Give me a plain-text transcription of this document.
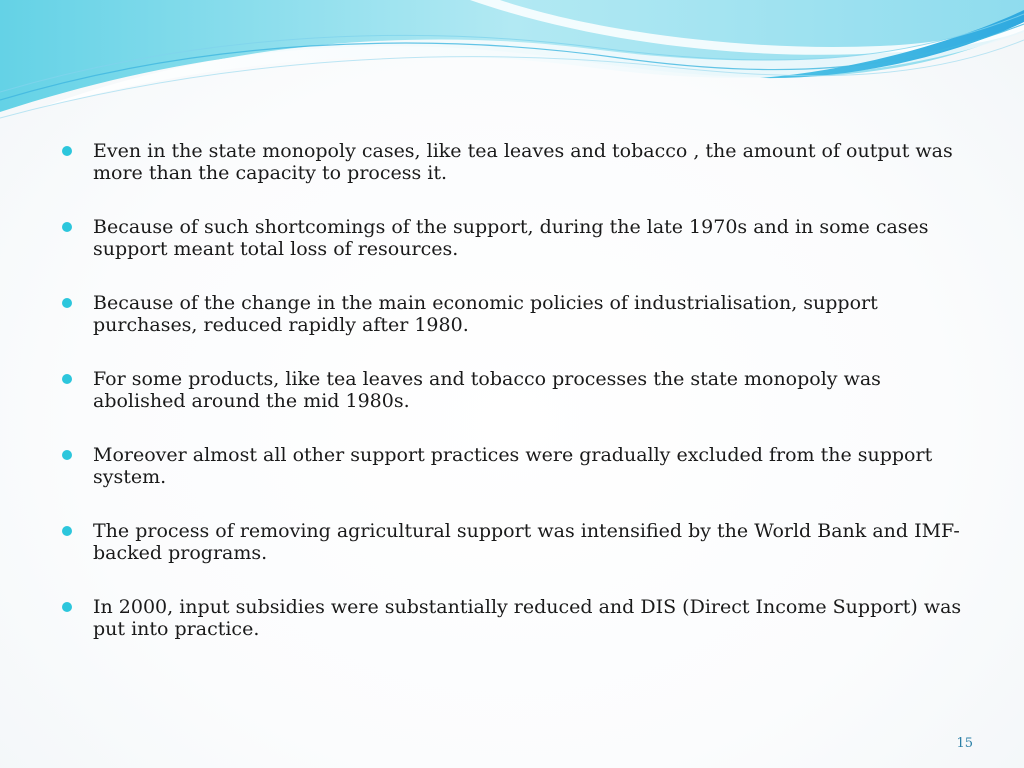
Even in the state monopoly cases, like tea leaves and tobacco , the amount of output was more than the capacity to process it.
Because of such shortcomings of the support, during the late 1970s and in some cases support meant total loss of resources.
Because of the change in the main economic policies of industrialisation, support purchases, reduced rapidly after 1980.
For some products, like tea leaves and tobacco processes the state monopoly was abolished around the mid 1980s.
Moreover almost all other support practices were gradually excluded from the support system.
The process of removing agricultural support was intensified by the World Bank and IMF-backed programs.
In 2000, input subsidies were substantially reduced and DIS (Direct Income Support) was put into practice.
15
